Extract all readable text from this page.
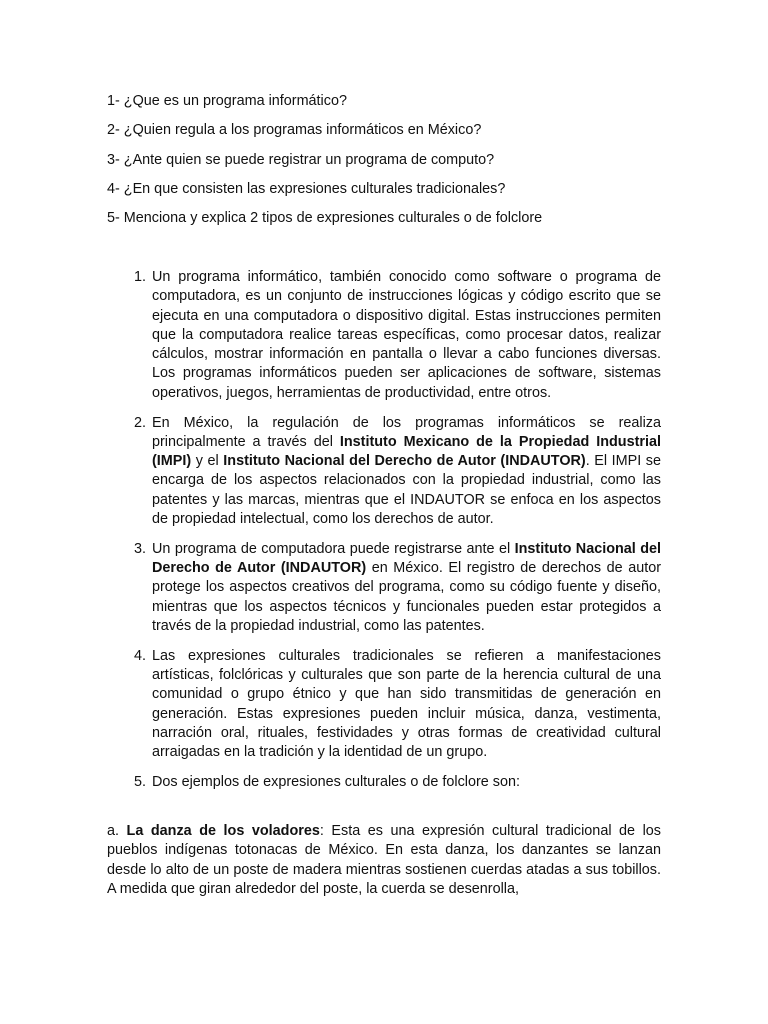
1- ¿Que es un programa informático?
2- ¿Quien regula a los programas informáticos en México?
3- ¿Ante quien se puede registrar un programa de computo?
4- ¿En que consisten las expresiones culturales tradicionales?
5- Menciona y explica 2 tipos de expresiones culturales o de folclore
1. Un programa informático, también conocido como software o programa de computadora, es un conjunto de instrucciones lógicas y código escrito que se ejecuta en una computadora o dispositivo digital. Estas instrucciones permiten que la computadora realice tareas específicas, como procesar datos, realizar cálculos, mostrar información en pantalla o llevar a cabo funciones diversas. Los programas informáticos pueden ser aplicaciones de software, sistemas operativos, juegos, herramientas de productividad, entre otros.
2. En México, la regulación de los programas informáticos se realiza principalmente a través del Instituto Mexicano de la Propiedad Industrial (IMPI) y el Instituto Nacional del Derecho de Autor (INDAUTOR). El IMPI se encarga de los aspectos relacionados con la propiedad industrial, como las patentes y las marcas, mientras que el INDAUTOR se enfoca en los aspectos de propiedad intelectual, como los derechos de autor.
3. Un programa de computadora puede registrarse ante el Instituto Nacional del Derecho de Autor (INDAUTOR) en México. El registro de derechos de autor protege los aspectos creativos del programa, como su código fuente y diseño, mientras que los aspectos técnicos y funcionales pueden estar protegidos a través de la propiedad industrial, como las patentes.
4. Las expresiones culturales tradicionales se refieren a manifestaciones artísticas, folclóricas y culturales que son parte de la herencia cultural de una comunidad o grupo étnico y que han sido transmitidas de generación en generación. Estas expresiones pueden incluir música, danza, vestimenta, narración oral, rituales, festividades y otras formas de creatividad cultural arraigadas en la tradición y la identidad de un grupo.
5. Dos ejemplos de expresiones culturales o de folclore son:
a. La danza de los voladores: Esta es una expresión cultural tradicional de los pueblos indígenas totonacas de México. En esta danza, los danzantes se lanzan desde lo alto de un poste de madera mientras sostienen cuerdas atadas a sus tobillos. A medida que giran alrededor del poste, la cuerda se desenrolla,
